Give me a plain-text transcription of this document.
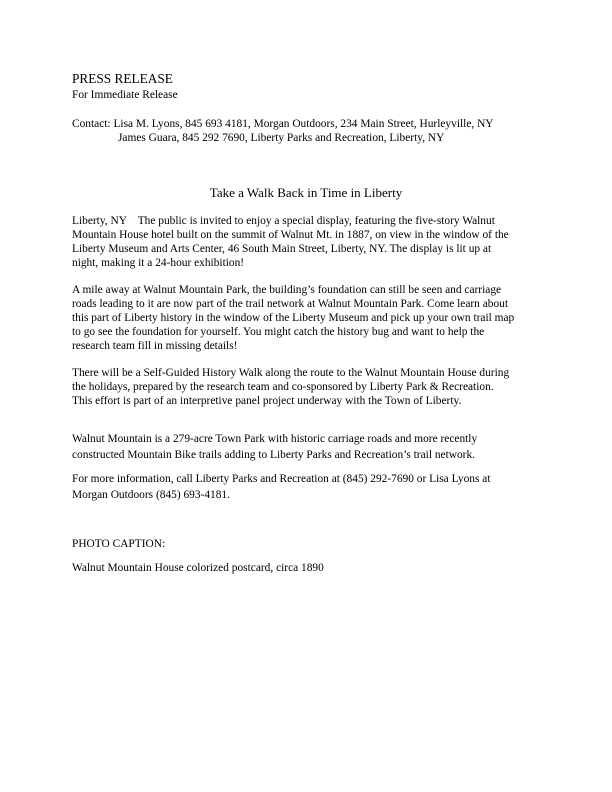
PRESS RELEASE
For Immediate Release
Contact: Lisa M. Lyons, 845 693 4181, Morgan Outdoors, 234 Main Street, Hurleyville, NY
James Guara, 845 292 7690, Liberty Parks and Recreation, Liberty, NY
Take a Walk Back in Time in Liberty
Liberty, NY    The public is invited to enjoy a special display, featuring the five-story Walnut
Mountain House hotel built on the summit of Walnut Mt. in 1887, on view in the window of the
Liberty Museum and Arts Center, 46 South Main Street, Liberty, NY. The display is lit up at
night, making it a 24-hour exhibition!
A mile away at Walnut Mountain Park, the building’s foundation can still be seen and carriage
roads leading to it are now part of the trail network at Walnut Mountain Park. Come learn about
this part of Liberty history in the window of the Liberty Museum and pick up your own trail map
to go see the foundation for yourself. You might catch the history bug and want to help the
research team fill in missing details!
There will be a Self-Guided History Walk along the route to the Walnut Mountain House during
the holidays, prepared by the research team and co-sponsored by Liberty Park & Recreation.
This effort is part of an interpretive panel project underway with the Town of Liberty.
Walnut Mountain is a 279-acre Town Park with historic carriage roads and more recently
constructed Mountain Bike trails adding to Liberty Parks and Recreation’s trail network.
For more information, call Liberty Parks and Recreation at (845) 292-7690 or Lisa Lyons at
Morgan Outdoors (845) 693-4181.
PHOTO CAPTION:
Walnut Mountain House colorized postcard, circa 1890
